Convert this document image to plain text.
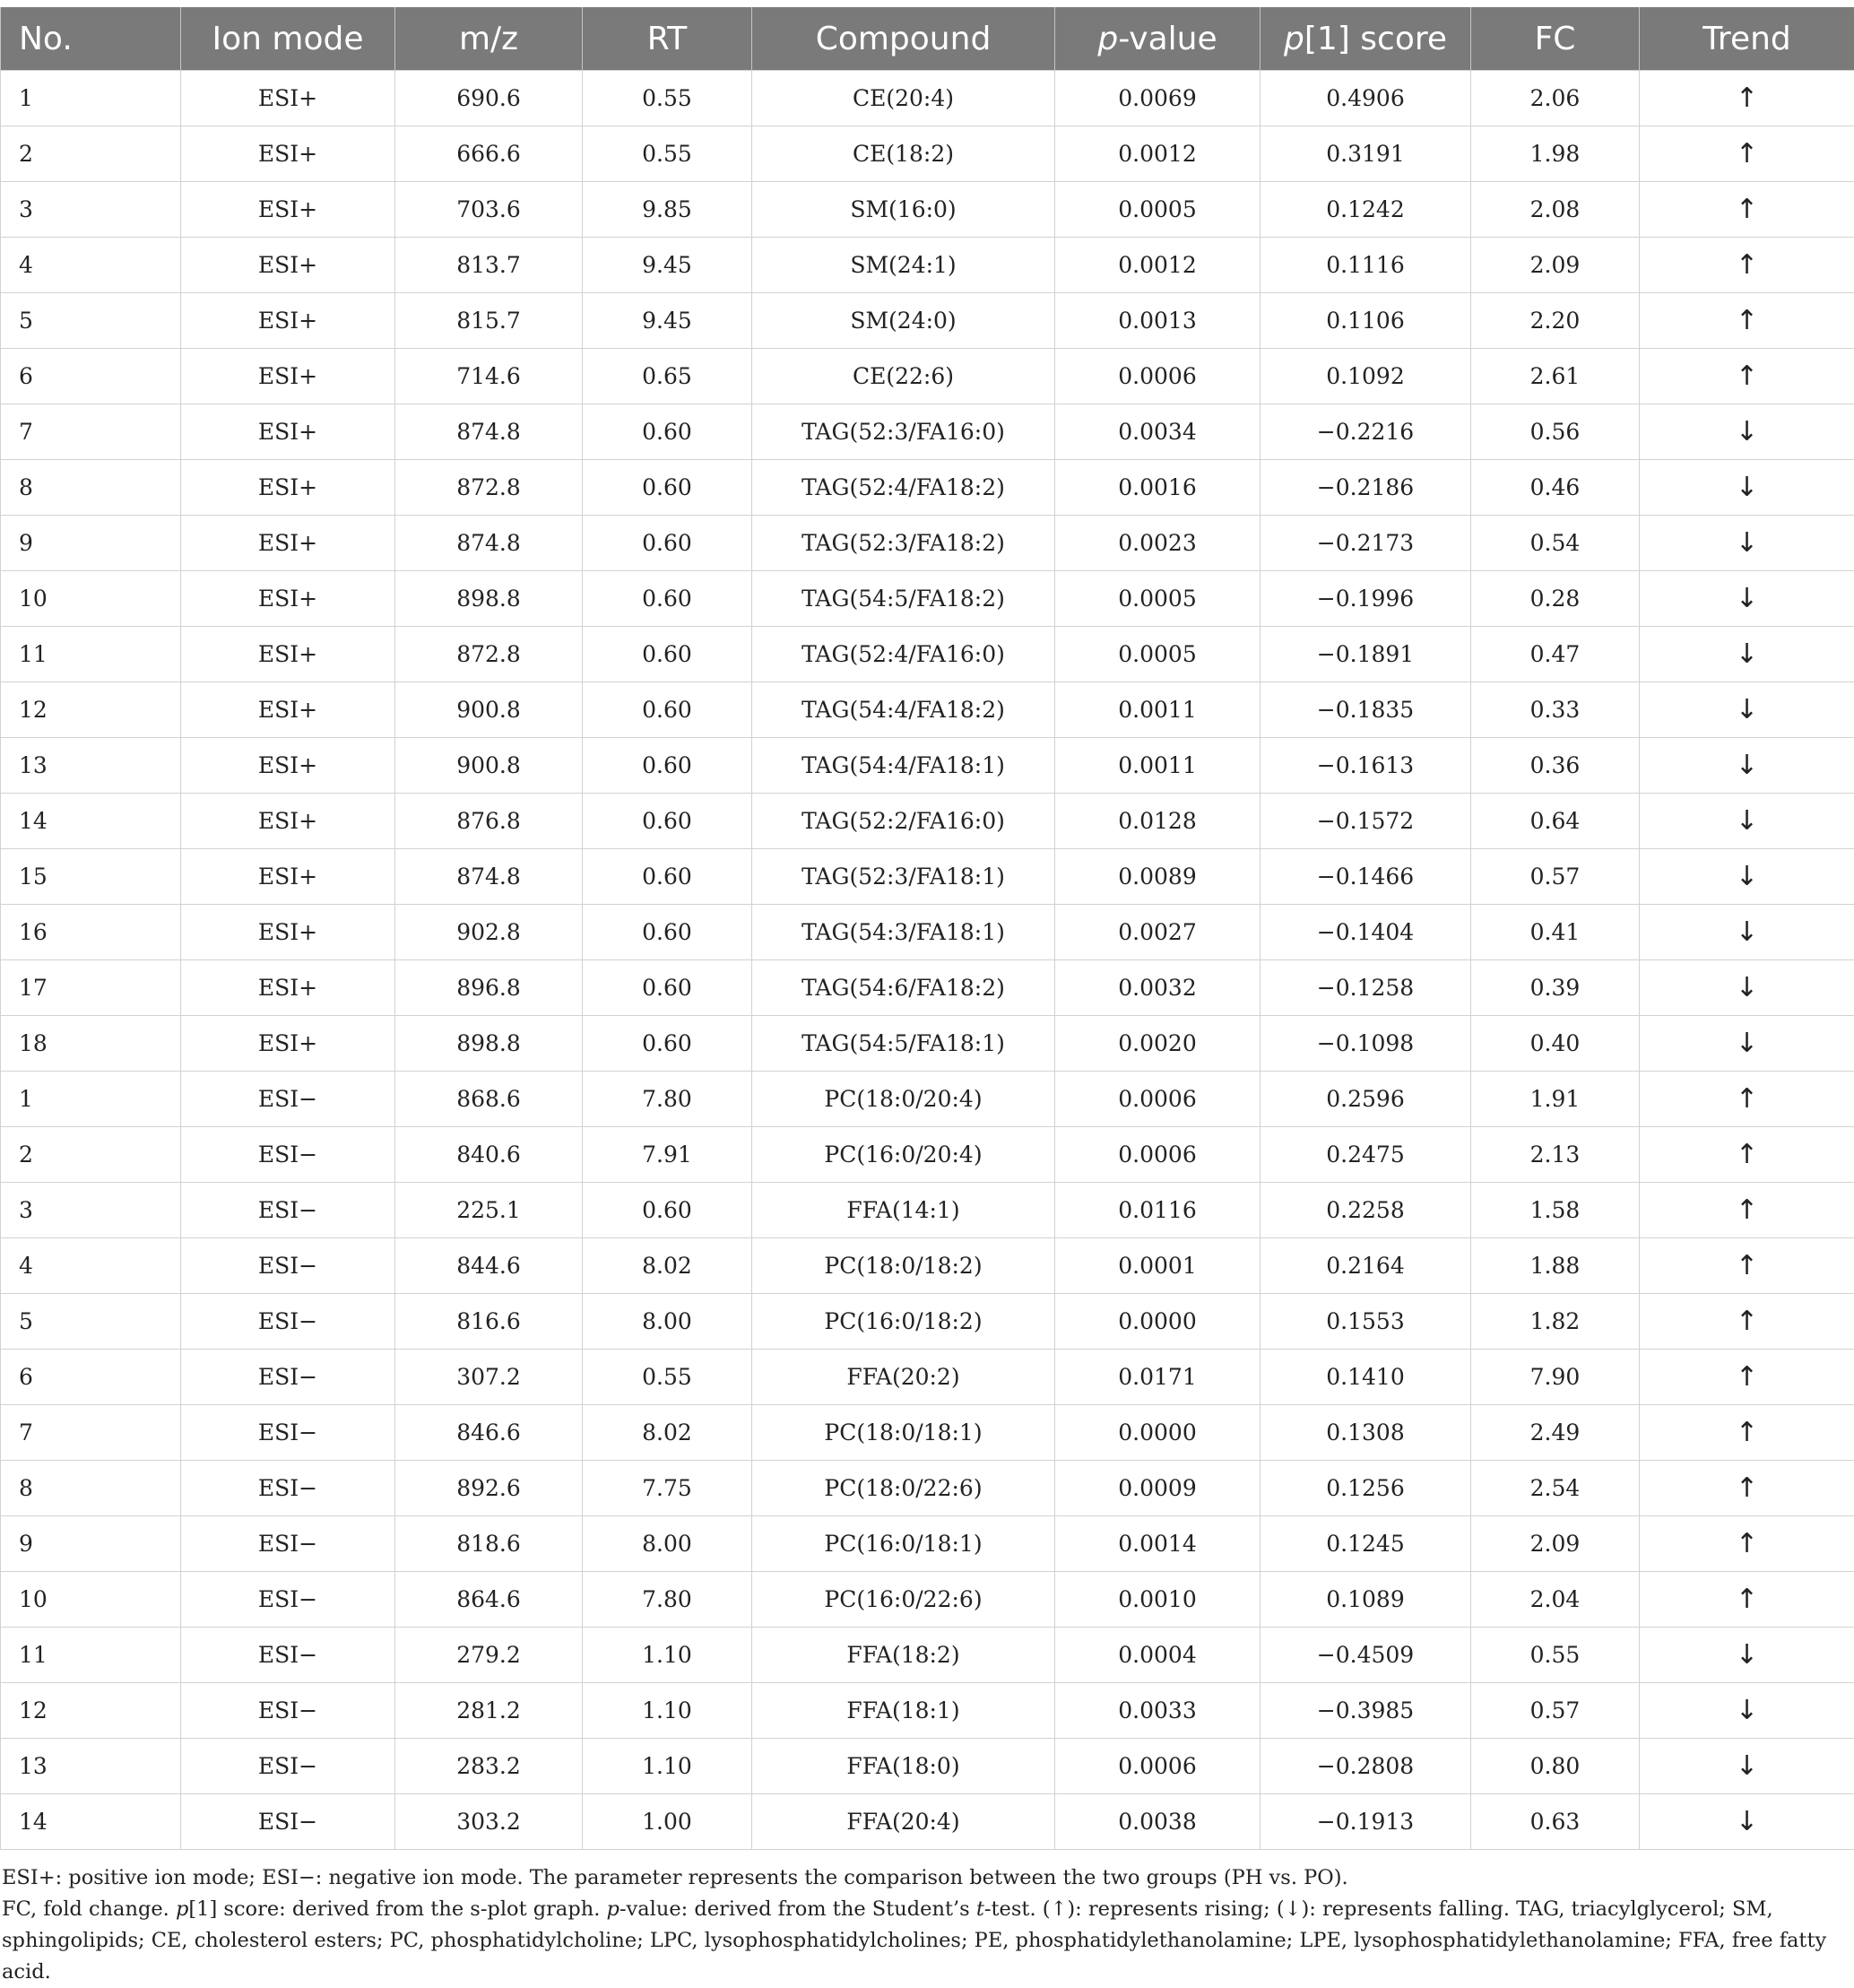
No.	Ion mode	m/z	RT	Compound	p-value	p[1] score	FC	Trend
1	ESI+	690.6	0.55	CE(20:4)	0.0069	0.4906	2.06	↑
2	ESI+	666.6	0.55	CE(18:2)	0.0012	0.3191	1.98	↑
3	ESI+	703.6	9.85	SM(16:0)	0.0005	0.1242	2.08	↑
4	ESI+	813.7	9.45	SM(24:1)	0.0012	0.1116	2.09	↑
5	ESI+	815.7	9.45	SM(24:0)	0.0013	0.1106	2.20	↑
6	ESI+	714.6	0.65	CE(22:6)	0.0006	0.1092	2.61	↑
7	ESI+	874.8	0.60	TAG(52:3/FA16:0)	0.0034	−0.2216	0.56	↓
8	ESI+	872.8	0.60	TAG(52:4/FA18:2)	0.0016	−0.2186	0.46	↓
9	ESI+	874.8	0.60	TAG(52:3/FA18:2)	0.0023	−0.2173	0.54	↓
10	ESI+	898.8	0.60	TAG(54:5/FA18:2)	0.0005	−0.1996	0.28	↓
11	ESI+	872.8	0.60	TAG(52:4/FA16:0)	0.0005	−0.1891	0.47	↓
12	ESI+	900.8	0.60	TAG(54:4/FA18:2)	0.0011	−0.1835	0.33	↓
13	ESI+	900.8	0.60	TAG(54:4/FA18:1)	0.0011	−0.1613	0.36	↓
14	ESI+	876.8	0.60	TAG(52:2/FA16:0)	0.0128	−0.1572	0.64	↓
15	ESI+	874.8	0.60	TAG(52:3/FA18:1)	0.0089	−0.1466	0.57	↓
16	ESI+	902.8	0.60	TAG(54:3/FA18:1)	0.0027	−0.1404	0.41	↓
17	ESI+	896.8	0.60	TAG(54:6/FA18:2)	0.0032	−0.1258	0.39	↓
18	ESI+	898.8	0.60	TAG(54:5/FA18:1)	0.0020	−0.1098	0.40	↓
1	ESI−	868.6	7.80	PC(18:0/20:4)	0.0006	0.2596	1.91	↑
2	ESI−	840.6	7.91	PC(16:0/20:4)	0.0006	0.2475	2.13	↑
3	ESI−	225.1	0.60	FFA(14:1)	0.0116	0.2258	1.58	↑
4	ESI−	844.6	8.02	PC(18:0/18:2)	0.0001	0.2164	1.88	↑
5	ESI−	816.6	8.00	PC(16:0/18:2)	0.0000	0.1553	1.82	↑
6	ESI−	307.2	0.55	FFA(20:2)	0.0171	0.1410	7.90	↑
7	ESI−	846.6	8.02	PC(18:0/18:1)	0.0000	0.1308	2.49	↑
8	ESI−	892.6	7.75	PC(18:0/22:6)	0.0009	0.1256	2.54	↑
9	ESI−	818.6	8.00	PC(16:0/18:1)	0.0014	0.1245	2.09	↑
10	ESI−	864.6	7.80	PC(16:0/22:6)	0.0010	0.1089	2.04	↑
11	ESI−	279.2	1.10	FFA(18:2)	0.0004	−0.4509	0.55	↓
12	ESI−	281.2	1.10	FFA(18:1)	0.0033	−0.3985	0.57	↓
13	ESI−	283.2	1.10	FFA(18:0)	0.0006	−0.2808	0.80	↓
14	ESI−	303.2	1.00	FFA(20:4)	0.0038	−0.1913	0.63	↓

ESI+: positive ion mode; ESI−: negative ion mode. The parameter represents the comparison between the two groups (PH vs. PO).

FC, fold change. p[1] score: derived from the s-plot graph. p-value: derived from the Student’s t-test. (↑): represents rising; (↓): represents falling. TAG, triacylglycerol; SM, sphingolipids; CE, cholesterol esters; PC, phosphatidylcholine; LPC, lysophosphatidylcholines; PE, phosphatidylethanolamine; LPE, lysophosphatidylethanolamine; FFA, free fatty acid.
